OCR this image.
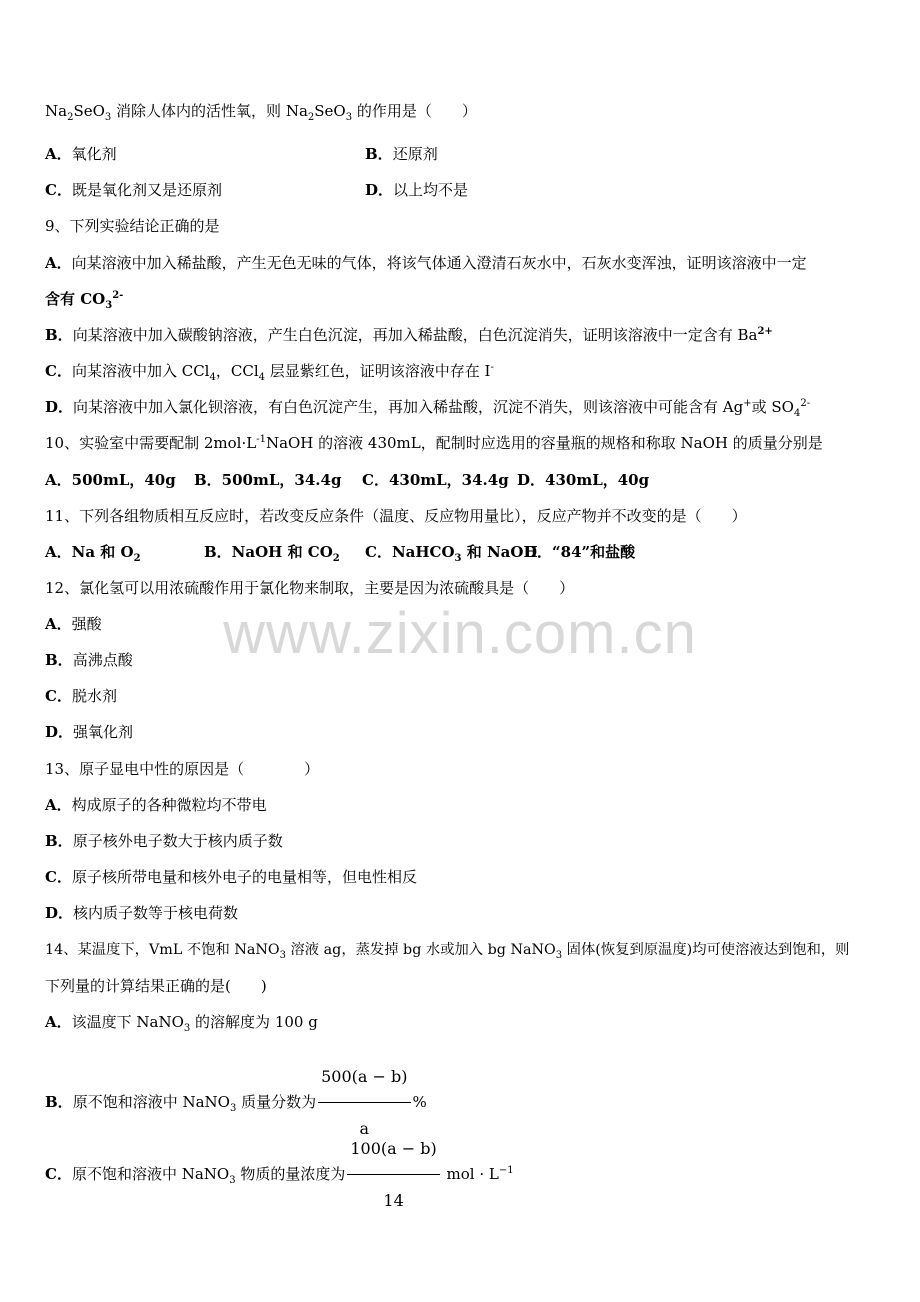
www.zixin.com.cn
$Na_2SeO_3$ 消除人体内的活性氧，则 $Na_2SeO_3$ 的作用是（　　）
A．氧化剂	B．还原剂
C．既是氧化剂又是还原剂	D．以上均不是
9、下列实验结论正确的是
A．向某溶液中加入稀盐酸，产生无色无味的气体，将该气体通入澄清石灰水中，石灰水变浑浊，证明该溶液中一定
含有 $CO_3^{2-}$
B．向某溶液中加入碳酸钠溶液，产生白色沉淀，再加入稀盐酸，白色沉淀消失，证明该溶液中一定含有 $Ba^{2+}$
C．向某溶液中加入 CCl$_4$，CCl$_4$ 层显紫红色，证明该溶液中存在 I-
D．向某溶液中加入氯化钡溶液，有白色沉淀产生，再加入稀盐酸，沉淀不消失，则该溶液中可能含有 Ag+或 $SO_4^{2-}$
10、实验室中需要配制 $2mol\cdot L^{-1}NaOH$ 的溶液 430mL，配制时应选用的容量瓶的规格和称取 NaOH 的质量分别是
A．500mL，40g B．500mL，34.4g C．430mL，34.4g D．430mL，40g
11、下列各组物质相互反应时，若改变反应条件（温度、反应物用量比），反应产物并不改变的是（　　）
A．Na 和 $O_2$	B．NaOH 和 $CO_2$ C．NaHCO$_3$ 和 NaOH
D．“84”和盐酸
12、氯化氢可以用浓硫酸作用于氯化物来制取，主要是因为浓硫酸具是（　　）
A．强酸
B．高沸点酸
C．脱水剂
D．强氧化剂
13、原子显电中性的原因是（　　　　）
A．构成原子的各种微粒均不带电
B．原子核外电子数大于核内质子数
C．原子核所带电量和核外电子的电量相等，但电性相反
D．核内质子数等于核电荷数
14、某温度下，VmL 不饱和 NaNO$_3$ 溶液 ag，蒸发掉 bg 水或加入 bg NaNO$_3$ 固体(恢复到原温度)均可使溶液达到饱和，则
下列量的计算结果正确的是(　　)
A．该温度下 NaNO$_3$ 的溶解度为 100 g
B．原不饱和溶液中 NaNO$_3$ 质量分数为 $\frac{500(a - b)}{a}$ %
C．原不饱和溶液中 NaNO$_3$ 物质的量浓度为 $\frac{100(a - b)}{14}$ mol · $L^{-1}$
